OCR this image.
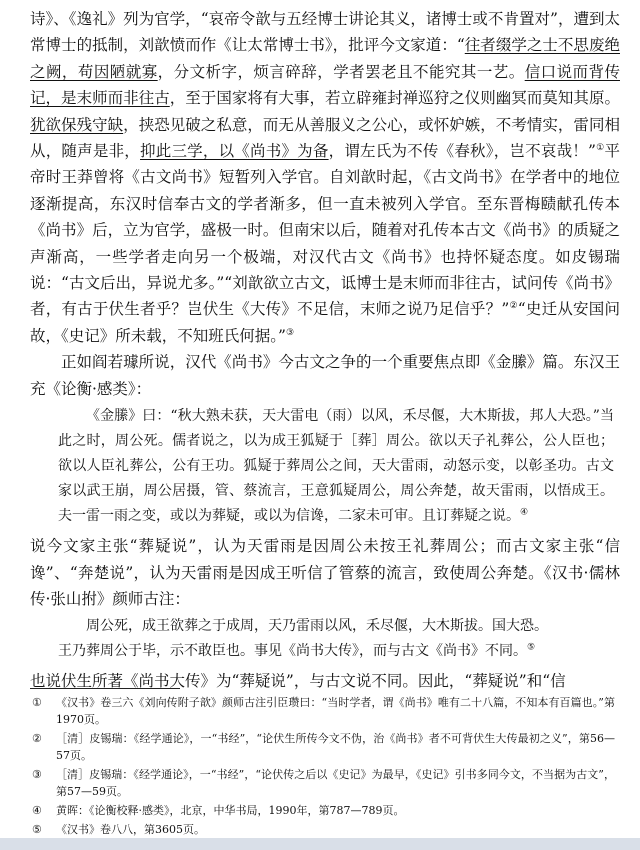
诗》、《逸礼》列为官学，“哀帝令歆与五经博士讲论其义，诸博士或不肯置对”，遭到太常博士的抵制，刘歆愤而作《让太常博士书》，批评今文家道：“往者缀学之士不思废绝之阙，苟因陋就寡，分文析字，烦言碎辞，学者罢老且不能究其一艺。信口说而背传记，是末师而非往古，至于国家将有大事，若立辟雍封禅巡狩之仪则幽冥而莫知其原。犹欲保残守缺，挟恐见破之私意，而无从善服义之公心，或怀妒嫉，不考情实，雷同相从，随声是非，抑此三学，以《尚书》为备，谓左氏为不传《春秋》，岂不哀哉！”①平帝时王莽曾将《古文尚书》短暂列入学官。自刘歆时起，《古文尚书》在学者中的地位逐渐提高，东汉时信奉古文的学者渐多，但一直未被列入学官。至东晋梅赜献孔传本《尚书》后，立为官学，盛极一时。但南宋以后，随着对孔传本古文《尚书》的质疑之声渐高，一些学者走向另一个极端，对汉代古文《尚书》也持怀疑态度。如皮锡瑞说：“古文后出，异说尤多。”“刘歆欲立古文，诋博士是末师而非往古，试问传《尚书》者，有古于伏生者乎？岂伏生《大传》不足信，末师之说乃足信乎？”②“史迁从安国问故，《史记》所未载，不知班氏何据。”③

正如阎若璩所说，汉代《尚书》今古文之争的一个重要焦点即《金縢》篇。东汉王充《论衡·感类》：

《金縢》曰：“秋大熟未获，天大雷电（雨）以风，禾尽偃，大木斯拔，邦人大恐。”当此之时，周公死。儒者说之，以为成王狐疑于［葬］周公。欲以天子礼葬公，公人臣也；欲以人臣礼葬公，公有王功。狐疑于葬周公之间，天大雷雨，动怒示变，以彰圣功。古文家以武王崩，周公居摄，管、蔡流言，王意狐疑周公，周公奔楚，故天雷雨，以悟成王。夫一雷一雨之变，或以为葬疑，或以为信谗，二家未可审。且订葬疑之说。④

说今文家主张“葬疑说”，认为天雷雨是因周公未按王礼葬周公；而古文家主张“信谗”、“奔楚说”，认为天雷雨是因成王听信了管蔡的流言，致使周公奔楚。《汉书·儒林传·张山拊》颜师古注：

周公死，成王欲葬之于成周，天乃雷雨以风，禾尽偃，大木斯拔。国大恐。

王乃葬周公于毕，示不敢臣也。事见《尚书大传》，而与古文《尚书》不同。⑤

也说伏生所著《尚书大传》为“葬疑说”，与古文说不同。因此，“葬疑说”和“信

①	《汉书》卷三六《刘向传附子歆》颜师古注引臣瓒曰：“当时学者，谓《尚书》唯有二十八篇，不知本有百篇也。”第1970页。
②	［清］皮锡瑞：《经学通论》，一“书经”，“论伏生所传今文不伪，治《尚书》者不可背伏生大传最初之义”，第56—57页。
③	［清］皮锡瑞：《经学通论》，一“书经”，“论伏传之后以《史记》为最早，《史记》引书多同今文，不当据为古文”，第57—59页。
④	黄晖：《论衡校释·感类》，北京，中华书局，1990年，第787—789页。
⑤	《汉书》卷八八，第3605页。
